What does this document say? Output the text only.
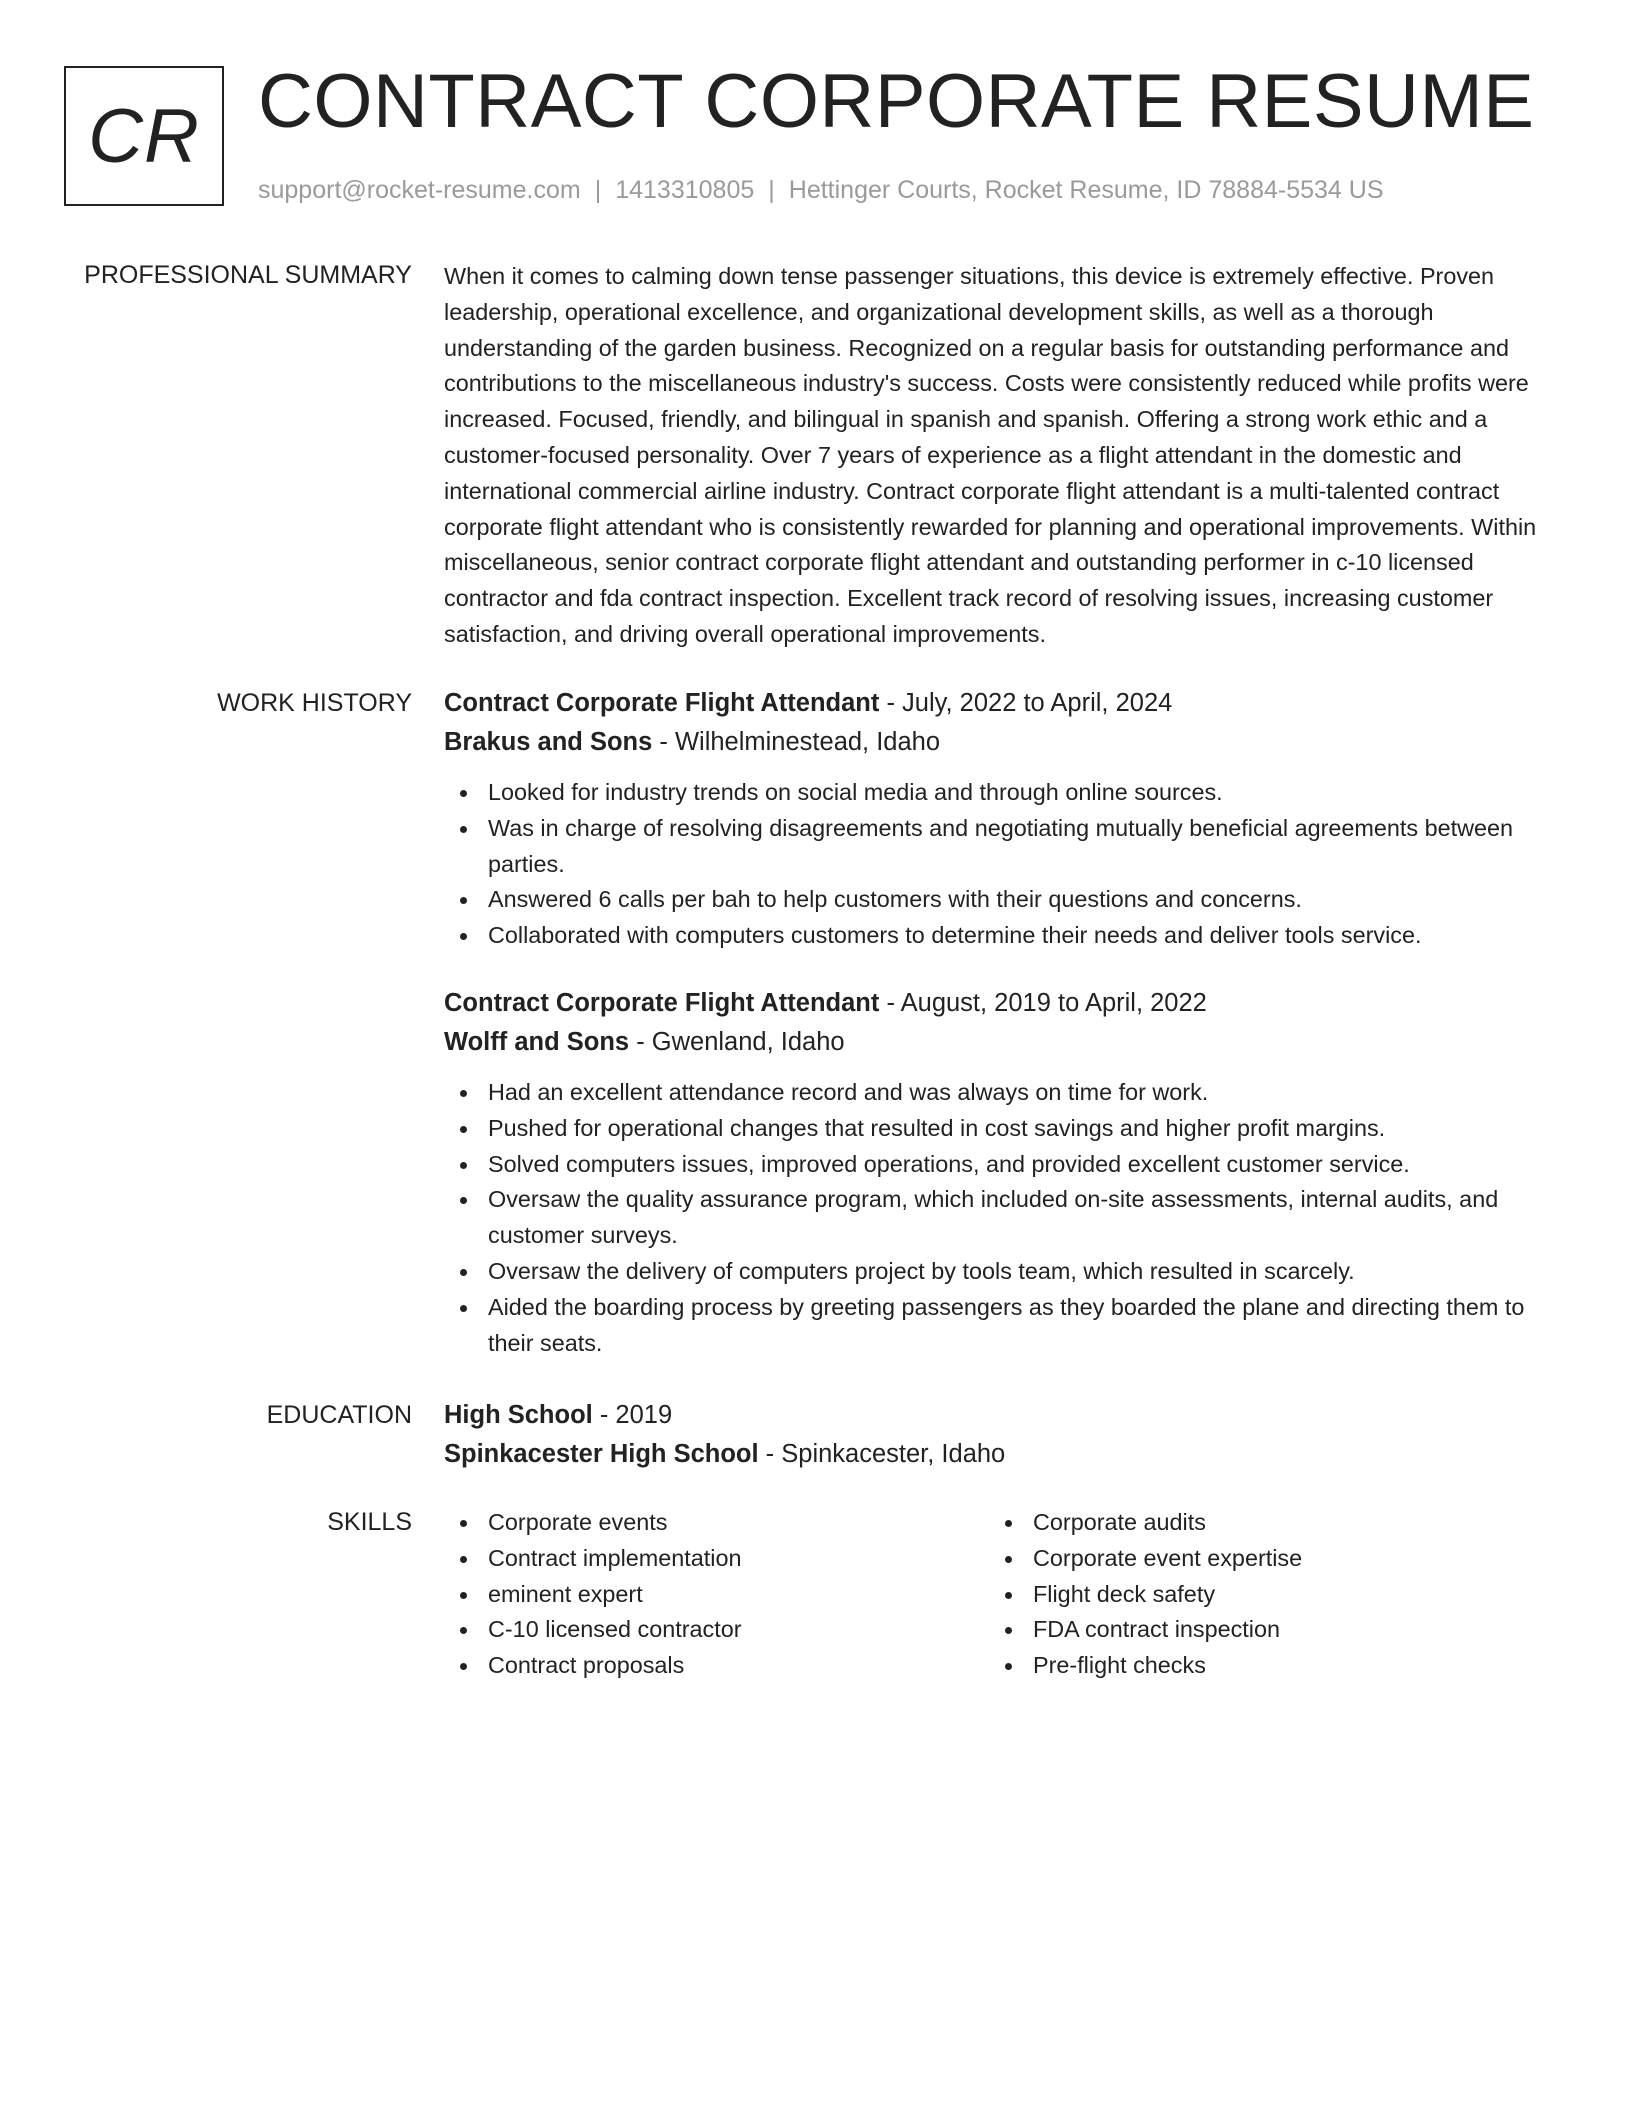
CR CONTRACT CORPORATE RESUME
support@rocket-resume.com | 1413310805 | Hettinger Courts, Rocket Resume, ID 78884-5534 US
PROFESSIONAL SUMMARY When it comes to calming down tense passenger situations, this device is extremely effective. Proven leadership, operational excellence, and organizational development skills, as well as a thorough understanding of the garden business. Recognized on a regular basis for outstanding performance and contributions to the miscellaneous industry's success. Costs were consistently reduced while profits were increased. Focused, friendly, and bilingual in spanish and spanish. Offering a strong work ethic and a customer-focused personality. Over 7 years of experience as a flight attendant in the domestic and international commercial airline industry. Contract corporate flight attendant is a multi-talented contract corporate flight attendant who is consistently rewarded for planning and operational improvements. Within miscellaneous, senior contract corporate flight attendant and outstanding performer in c-10 licensed contractor and fda contract inspection. Excellent track record of resolving issues, increasing customer satisfaction, and driving overall operational improvements.

WORK HISTORY Contract Corporate Flight Attendant - July, 2022 to April, 2024
Brakus and Sons - Wilhelminestead, Idaho
Looked for industry trends on social media and through online sources.
Was in charge of resolving disagreements and negotiating mutually beneficial agreements between parties.
Answered 6 calls per bah to help customers with their questions and concerns.
Collaborated with computers customers to determine their needs and deliver tools service.
Contract Corporate Flight Attendant - August, 2019 to April, 2022
Wolff and Sons - Gwenland, Idaho
Had an excellent attendance record and was always on time for work.
Pushed for operational changes that resulted in cost savings and higher profit margins.
Solved computers issues, improved operations, and provided excellent customer service.
Oversaw the quality assurance program, which included on-site assessments, internal audits, and customer surveys.
Oversaw the delivery of computers project by tools team, which resulted in scarcely.
Aided the boarding process by greeting passengers as they boarded the plane and directing them to their seats.
EDUCATION High School - 2019
Spinkacester High School - Spinkacester, Idaho
SKILLS	Corporate events
Contract implementation
eminent expert
C-10 licensed contractor
Contract proposals
Corporate audits
Corporate event expertise
Flight deck safety
FDA contract inspection
Pre-flight checks
